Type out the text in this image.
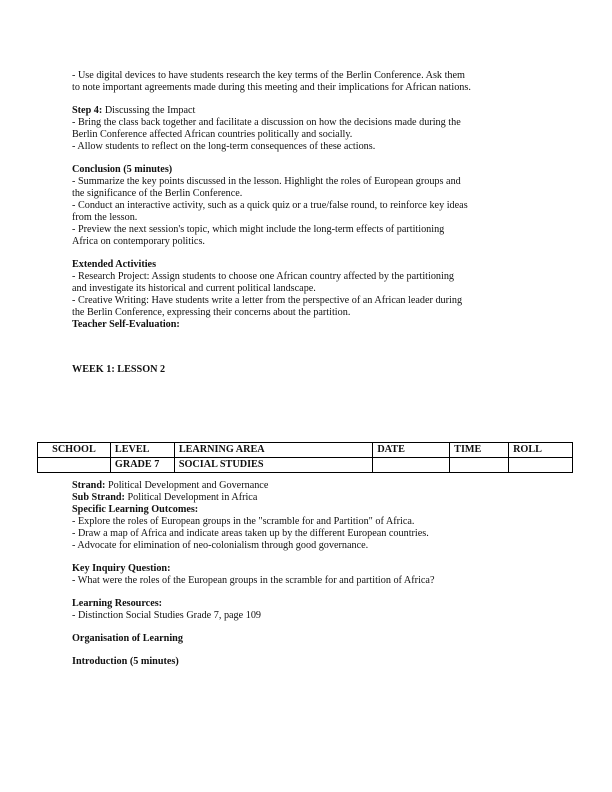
- Use digital devices to have students research the key terms of the Berlin Conference. Ask them

to note important agreements made during this meeting and their implications for African nations.

Step 4: Discussing the Impact

- Bring the class back together and facilitate a discussion on how the decisions made during the

Berlin Conference affected African countries politically and socially.

- Allow students to reflect on the long-term consequences of these actions.

Conclusion (5 minutes)

- Summarize the key points discussed in the lesson. Highlight the roles of European groups and

the significance of the Berlin Conference.

- Conduct an interactive activity, such as a quick quiz or a true/false round, to reinforce key ideas

from the lesson.

- Preview the next session's topic, which might include the long-term effects of partitioning

Africa on contemporary politics.

Extended Activities

- Research Project: Assign students to choose one African country affected by the partitioning

and investigate its historical and current political landscape.

- Creative Writing: Have students write a letter from the perspective of an African leader during

the Berlin Conference, expressing their concerns about the partition.

Teacher Self-Evaluation:

WEEK 1: LESSON 2

SCHOOL	LEVEL	LEARNING AREA	DATE	TIME	ROLL
	GRADE 7	SOCIAL STUDIES			

Strand: Political Development and Governance

Sub Strand: Political Development in Africa

Specific Learning Outcomes:

- Explore the roles of European groups in the "scramble for and Partition" of Africa.

- Draw a map of Africa and indicate areas taken up by the different European countries.

- Advocate for elimination of neo-colonialism through good governance.

Key Inquiry Question:

- What were the roles of the European groups in the scramble for and partition of Africa?

Learning Resources:

- Distinction Social Studies Grade 7, page 109

Organisation of Learning

Introduction (5 minutes)
